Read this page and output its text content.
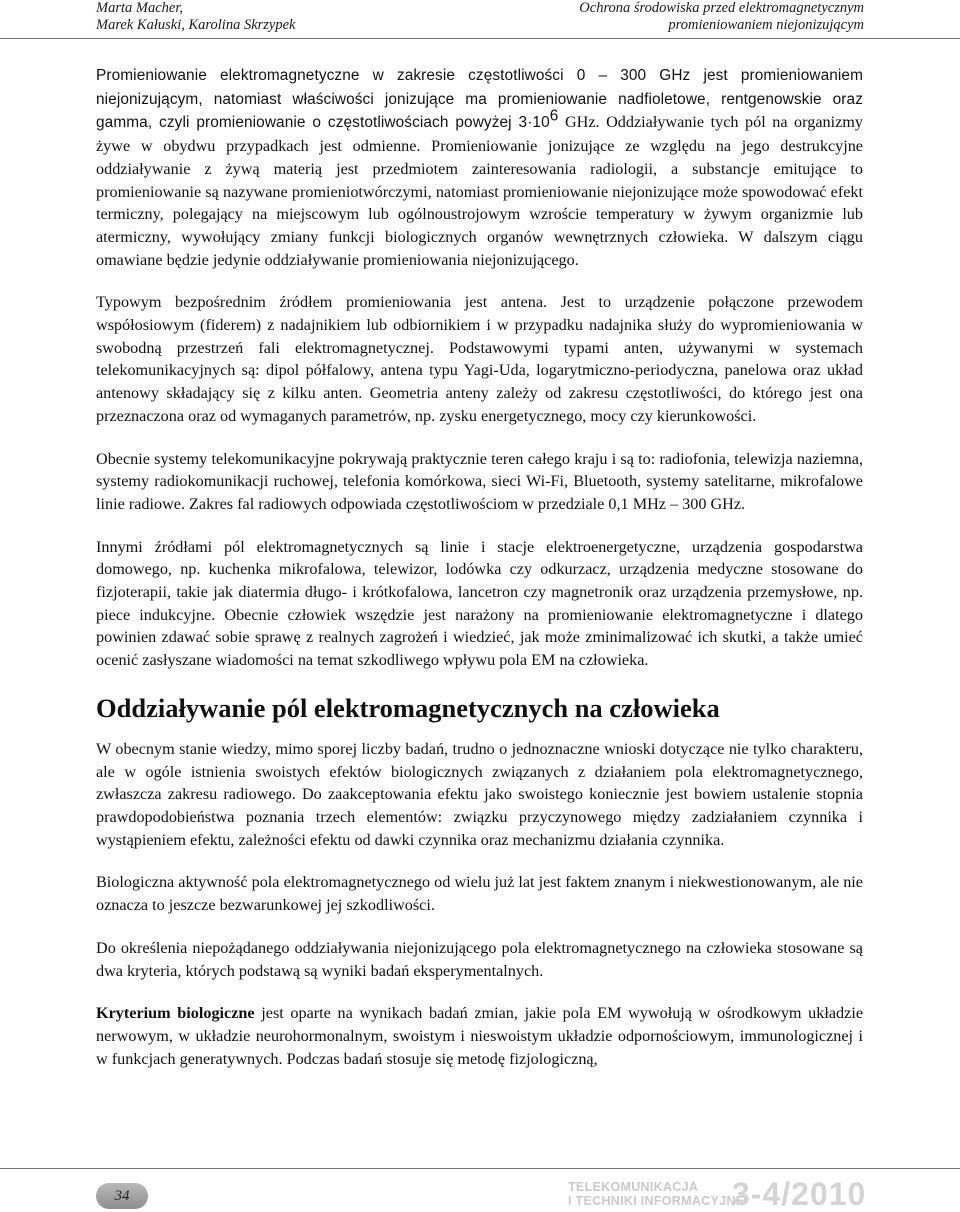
Marta Macher,
Marek Kałuski, Karolina Skrzypek
Ochrona środowiska przed elektromagnetycznym
promieniowaniem niejonizującym

Promieniowanie elektromagnetyczne w zakresie częstotliwości 0 – 300 GHz jest promieniowaniem niejonizującym, natomiast właściwości jonizujące ma promieniowanie nadfioletowe, rentgenowskie oraz gamma, czyli promieniowanie o częstotliwościach powyżej $3\cdot 10^6$ GHz. Oddziaływanie tych pól na organizmy żywe w obydwu przypadkach jest odmienne. Promieniowanie jonizujące ze względu na jego destrukcyjne oddziaływanie z żywą materią jest przedmiotem zainteresowania radiologii, a substancje emitujące to promieniowanie są nazywane promieniotwórczymi, natomiast promieniowanie niejonizujące może spowodować efekt termiczny, polegający na miejscowym lub ogólnoustrojowym wzroście temperatury w żywym organizmie lub atermiczny, wywołujący zmiany funkcji biologicznych organów wewnętrznych człowieka. W dalszym ciągu omawiane będzie jedynie oddziaływanie promieniowania niejonizującego.

Typowym bezpośrednim źródłem promieniowania jest antena. Jest to urządzenie połączone przewodem współosiowym (fiderem) z nadajnikiem lub odbiornikiem i w przypadku nadajnika służy do wypromieniowania w swobodną przestrzeń fali elektromagnetycznej. Podstawowymi typami anten, używanymi w systemach telekomunikacyjnych są: dipol półfalowy, antena typu Yagi-Uda, logarytmiczno-periodyczna, panelowa oraz układ antenowy składający się z kilku anten. Geometria anteny zależy od zakresu częstotliwości, do którego jest ona przeznaczona oraz od wymaganych parametrów, np. zysku energetycznego, mocy czy kierunkowości.

Obecnie systemy telekomunikacyjne pokrywają praktycznie teren całego kraju i są to: radiofonia, telewizja naziemna, systemy radiokomunikacji ruchowej, telefonia komórkowa, sieci Wi-Fi, Bluetooth, systemy satelitarne, mikrofalowe linie radiowe. Zakres fal radiowych odpowiada częstotliwościom w przedziale 0,1 MHz – 300 GHz.

Innymi źródłami pól elektromagnetycznych są linie i stacje elektroenergetyczne, urządzenia gospodarstwa domowego, np. kuchenka mikrofalowa, telewizor, lodówka czy odkurzacz, urządzenia medyczne stosowane do fizjoterapii, takie jak diatermia długo- i krótkofalowa, lancetron czy magnetronik oraz urządzenia przemysłowe, np. piece indukcyjne. Obecnie człowiek wszędzie jest narażony na promieniowanie elektromagnetyczne i dlatego powinien zdawać sobie sprawę z realnych zagrożeń i wiedzieć, jak może zminimalizować ich skutki, a także umieć ocenić zasłyszane wiadomości na temat szkodliwego wpływu pola EM na człowieka.

Oddziaływanie pól elektromagnetycznych na człowieka

W obecnym stanie wiedzy, mimo sporej liczby badań, trudno o jednoznaczne wnioski dotyczące nie tylko charakteru, ale w ogóle istnienia swoistych efektów biologicznych związanych z działaniem pola elektromagnetycznego, zwłaszcza zakresu radiowego. Do zaakceptowania efektu jako swoistego koniecznie jest bowiem ustalenie stopnia prawdopodobieństwa poznania trzech elementów: związku przyczynowego między zadziałaniem czynnika i wystąpieniem efektu, zależności efektu od dawki czynnika oraz mechanizmu działania czynnika.

Biologiczna aktywność pola elektromagnetycznego od wielu już lat jest faktem znanym i niekwestionowanym, ale nie oznacza to jeszcze bezwarunkowej jej szkodliwości.

Do określenia niepożądanego oddziaływania niejonizującego pola elektromagnetycznego na człowieka stosowane są dwa kryteria, których podstawą są wyniki badań eksperymentalnych.

Kryterium biologiczne jest oparte na wynikach badań zmian, jakie pola EM wywołują w ośrodkowym układzie nerwowym, w układzie neurohormonalnym, swoistym i nieswoistym układzie odpornościowym, immunologicznej i w funkcjach generatywnych. Podczas badań stosuje się metodę fizjologiczną,

34
TELEKOMUNIKACJA
I TECHNIKI INFORMACYJNE
3-4/2010
